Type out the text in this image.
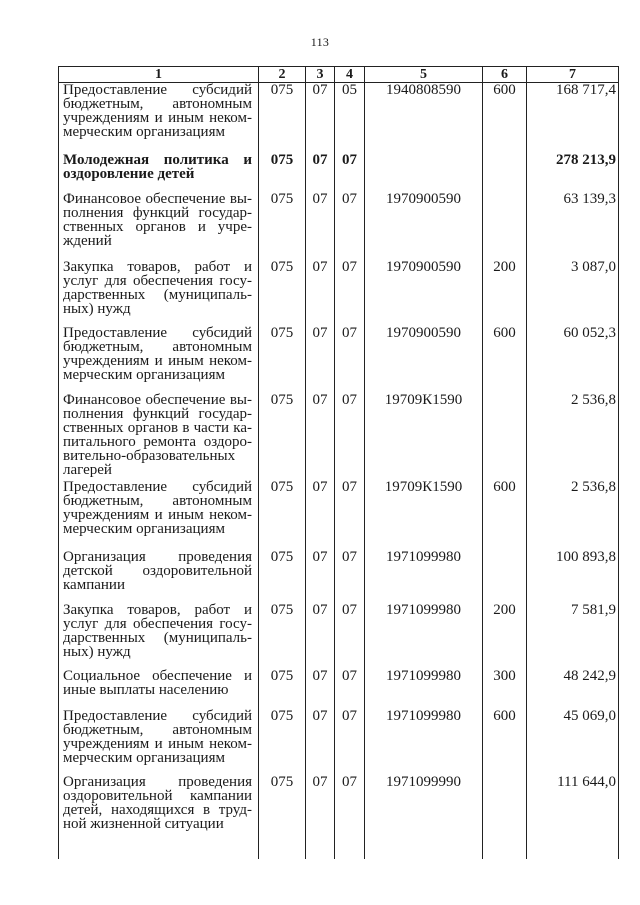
113
1	2	3	4	5	6	7
Предоставление субсидий бюджетным, автономным учреждениям и иным неком-мерческим организациям	075	07	05	1940808590	600	168 717,4
Молодежная политика и оздоровление детей	075	07	07			278 213,9
Финансовое обеспечение вы-полнения функций государ-ственных органов и учре-ждений	075	07	07	1970900590		63 139,3
Закупка товаров, работ и услуг для обеспечения госу-дарственных (муниципаль-ных) нужд	075	07	07	1970900590	200	3 087,0
Предоставление субсидий бюджетным, автономным учреждениям и иным неком-мерческим организациям	075	07	07	1970900590	600	60 052,3
Финансовое обеспечение вы-полнения функций государ-ственных органов в части ка-питального ремонта оздоро-вительно-образовательных лагерей	075	07	07	19709К1590		2 536,8
Предоставление субсидий бюджетным, автономным учреждениям и иным неком-мерческим организациям	075	07	07	19709К1590	600	2 536,8
Организация проведения детской оздоровительной кампании	075	07	07	1971099980		100 893,8
Закупка товаров, работ и услуг для обеспечения госу-дарственных (муниципаль-ных) нужд	075	07	07	1971099980	200	7 581,9
Социальное обеспечение и иные выплаты населению	075	07	07	1971099980	300	48 242,9
Предоставление субсидий бюджетным, автономным учреждениям и иным неком-мерческим организациям	075	07	07	1971099980	600	45 069,0
Организация проведения оздоровительной кампании детей, находящихся в труд-ной жизненной ситуации	075	07	07	1971099990		111 644,0
